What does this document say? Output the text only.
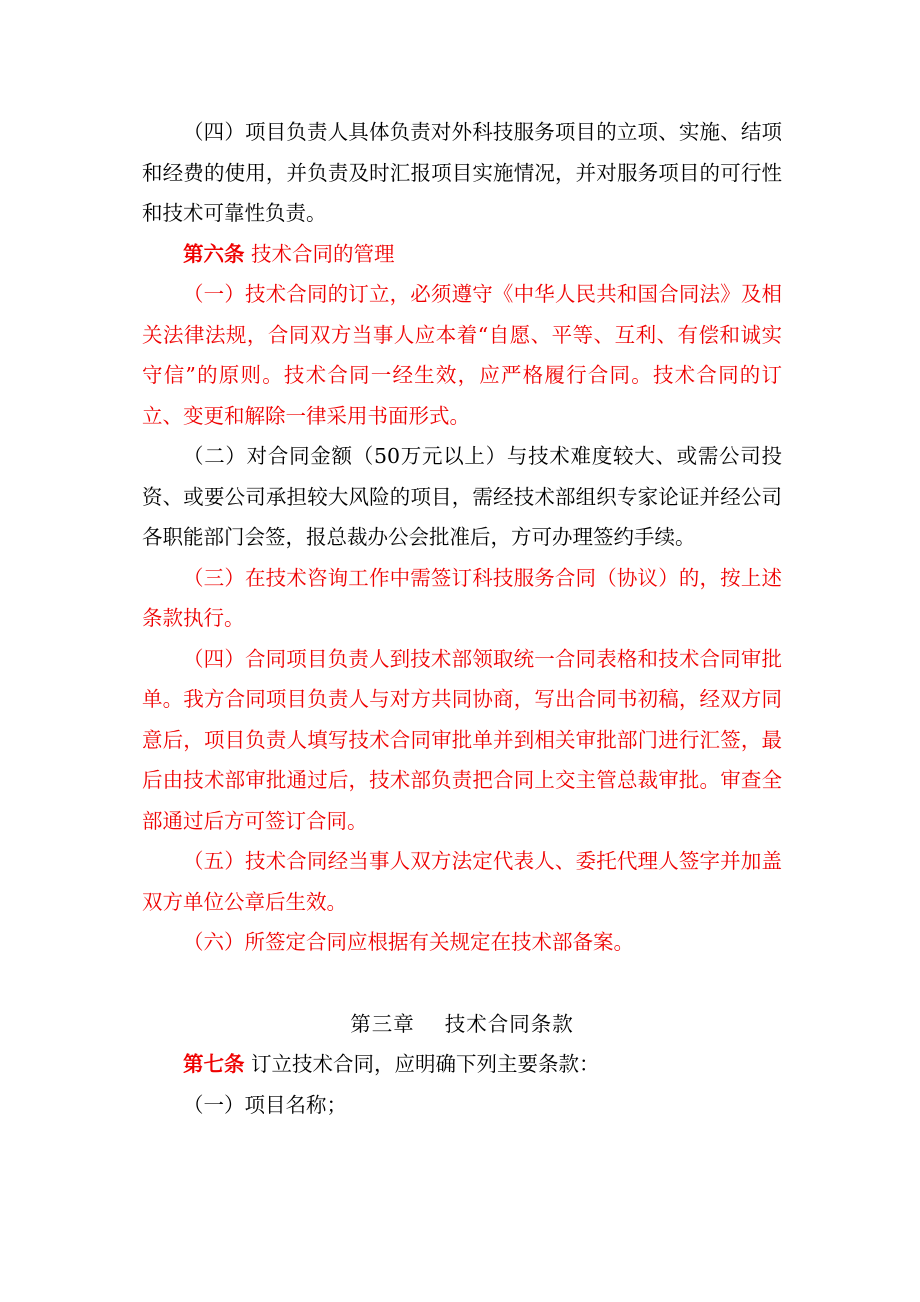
（四）项目负责人具体负责对外科技服务项目的立项、实施、结项和经费的使用，并负责及时汇报项目实施情况，并对服务项目的可行性和技术可靠性负责。

第六条 技术合同的管理

（一）技术合同的订立，必须遵守《中华人民共和国合同法》及相关法律法规，合同双方当事人应本着“自愿、平等、互利、有偿和诚实守信”的原则。技术合同一经生效，应严格履行合同。技术合同的订立、变更和解除一律采用书面形式。

（二）对合同金额（50万元以上）与技术难度较大、或需公司投资、或要公司承担较大风险的项目，需经技术部组织专家论证并经公司各职能部门会签，报总裁办公会批准后，方可办理签约手续。

（三）在技术咨询工作中需签订科技服务合同（协议）的，按上述条款执行。

（四）合同项目负责人到技术部领取统一合同表格和技术合同审批单。我方合同项目负责人与对方共同协商，写出合同书初稿，经双方同意后，项目负责人填写技术合同审批单并到相关审批部门进行汇签，最后由技术部审批通过后，技术部负责把合同上交主管总裁审批。审查全部通过后方可签订合同。

（五）技术合同经当事人双方法定代表人、委托代理人签字并加盖双方单位公章后生效。

（六）所签定合同应根据有关规定在技术部备案。

第三章    技术合同条款

第七条 订立技术合同，应明确下列主要条款：

（一）项目名称；
